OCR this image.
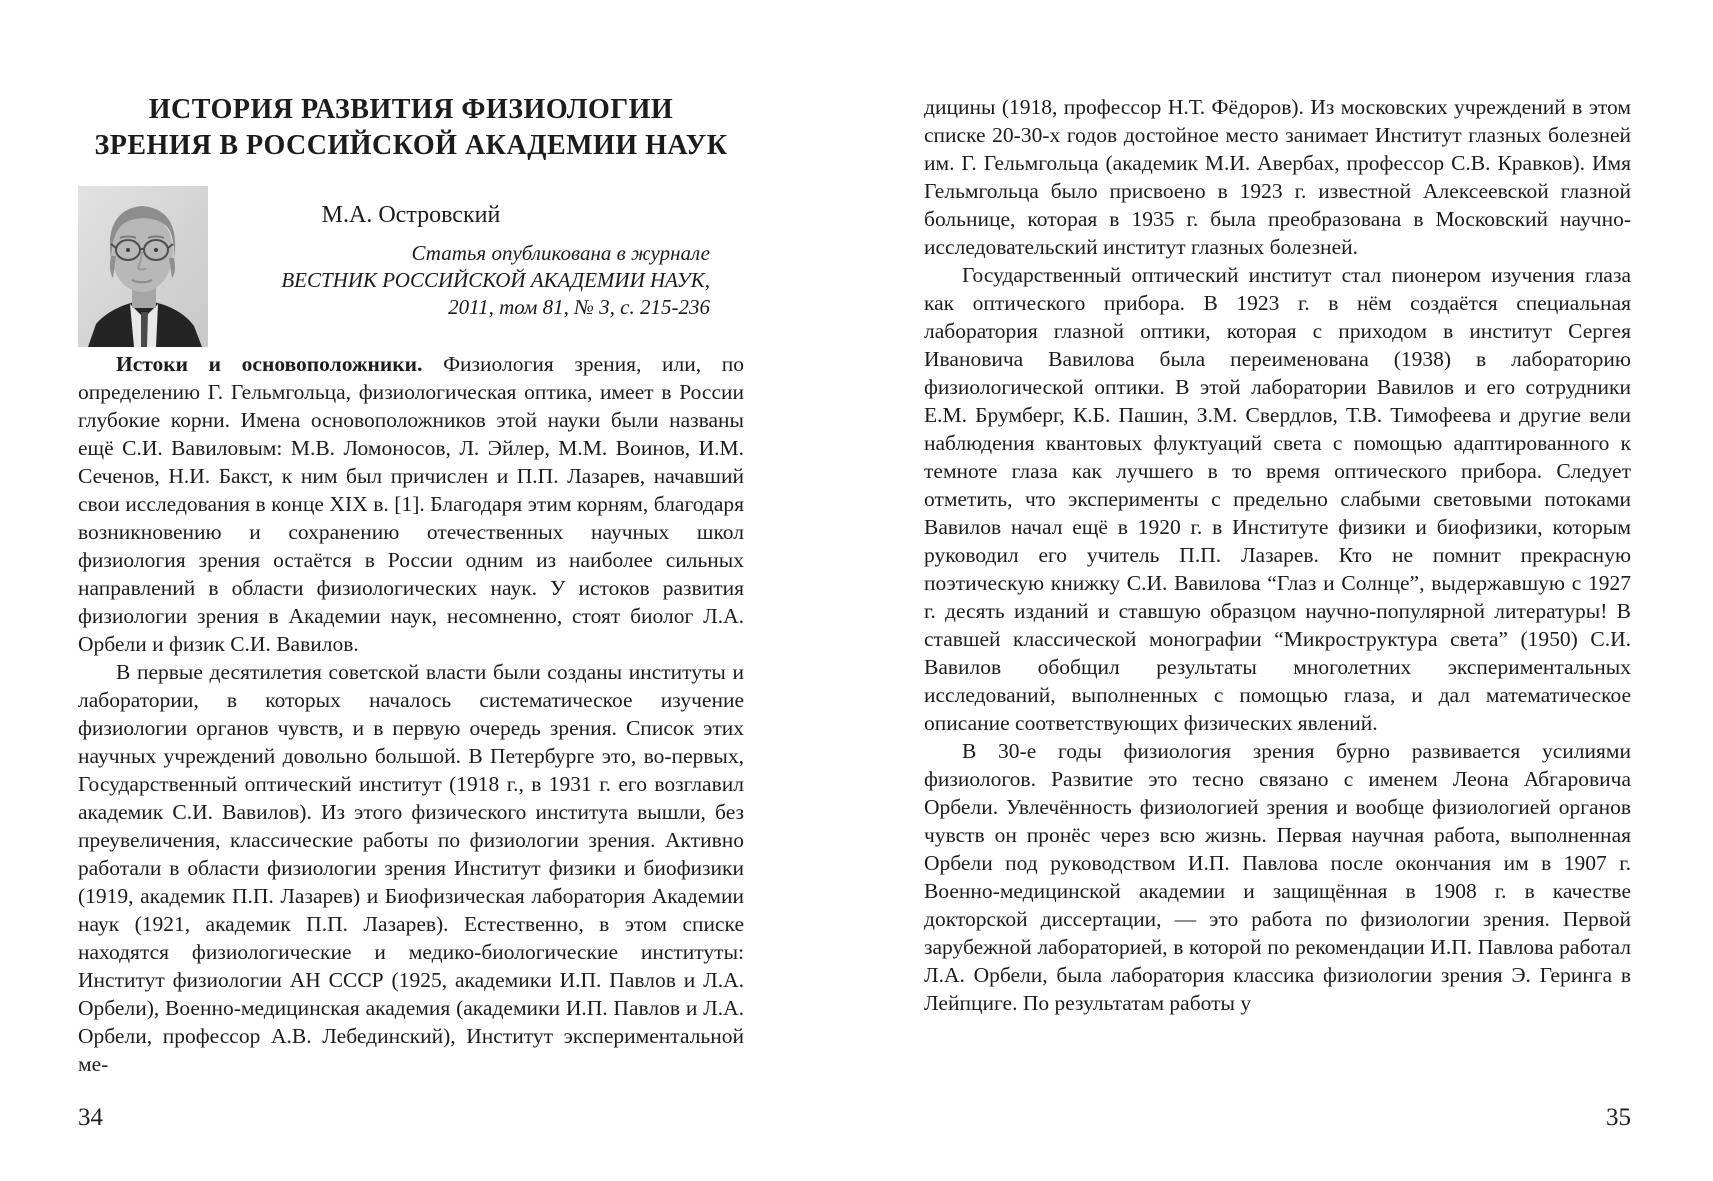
ИСТОРИЯ РАЗВИТИЯ ФИЗИОЛОГИИ
ЗРЕНИЯ В РОССИЙСКОЙ АКАДЕМИИ НАУК
М.А. Островский
Статья опубликована в журнале
ВЕСТНИК РОССИЙСКОЙ АКАДЕМИИ НАУК,
2011, том 81, № 3, с. 215-236

Истоки и основоположники. Физиология зрения, или, по определению Г. Гельмгольца, физиологическая оптика, имеет в России глубокие корни. Имена основоположников этой науки были названы ещё С.И. Вавиловым: М.В. Ломоносов, Л. Эйлер, М.М. Воинов, И.М. Сеченов, Н.И. Бакст, к ним был причислен и П.П. Лазарев, начавший свои исследования в конце XIX в. [1]. Благодаря этим корням, благодаря возникновению и сохранению отечественных научных школ физиология зрения остаётся в России одним из наиболее сильных направлений в области физиологических наук. У истоков развития физиологии зрения в Академии наук, несомненно, стоят биолог Л.А. Орбели и физик С.И. Вавилов.

В первые десятилетия советской власти были созданы институты и лаборатории, в которых началось систематическое изучение физиологии органов чувств, и в первую очередь зрения. Список этих научных учреждений довольно большой. В Петербурге это, во-первых, Государственный оптический институт (1918 г., в 1931 г. его возглавил академик С.И. Вавилов). Из этого физического института вышли, без преувеличения, классические работы по физиологии зрения. Активно работали в области физиологии зрения Институт физики и биофизики (1919, академик П.П. Лазарев) и Биофизическая лаборатория Академии наук (1921, академик П.П. Лазарев). Естественно, в этом списке находятся физиологические и медико-биологические институты: Институт физиологии АН СССР (1925, академики И.П. Павлов и Л.А. Орбели), Военно-медицинская академия (академики И.П. Павлов и Л.А. Орбели, профессор А.В. Лебединский), Институт экспериментальной ме-

34

дицины (1918, профессор Н.Т. Фёдоров). Из московских учреждений в этом списке 20-30-х годов достойное место занимает Институт глазных болезней им. Г. Гельмгольца (академик М.И. Авербах, профессор С.В. Кравков). Имя Гельмгольца было присвоено в 1923 г. известной Алексеевской глазной больнице, которая в 1935 г. была преобразована в Московский научно- исследовательский институт глазных болезней.

Государственный оптический институт стал пионером изучения глаза как оптического прибора. В 1923 г. в нём создаётся специальная лаборатория глазной оптики, которая с приходом в институт Сергея Ивановича Вавилова была переименована (1938) в лабораторию физиологической оптики. В этой лаборатории Вавилов и его сотрудники Е.М. Брумберг, К.Б. Пашин, З.М. Свердлов, Т.В. Тимофеева и другие вели наблюдения квантовых флуктуаций света с помощью адаптированного к темноте глаза как лучшего в то время оптического прибора. Следует отметить, что эксперименты с предельно слабыми световыми потоками Вавилов начал ещё в 1920 г. в Институте физики и биофизики, которым руководил его учитель П.П. Лазарев. Кто не помнит прекрасную поэтическую книжку С.И. Вавилова “Глаз и Солнце”, выдержавшую с 1927 г. десять изданий и ставшую образцом научно-популярной литературы! В ставшей классической монографии “Микроструктура света” (1950) С.И. Вавилов обобщил результаты многолетних экспериментальных исследований, выполненных с помощью глаза, и дал математическое описание соответствующих физических явлений.

В 30-е годы физиология зрения бурно развивается усилиями физиологов. Развитие это тесно связано с именем Леона Абгаровича Орбели. Увлечённость физиологией зрения и вообще физиологией органов чувств он пронёс через всю жизнь. Первая научная работа, выполненная Орбели под руководством И.П. Павлова после окончания им в 1907 г. Военно-медицинской академии и защищённая в 1908 г. в качестве докторской диссертации, — это работа по физиологии зрения. Первой зарубежной лабораторией, в которой по рекомендации И.П. Павлова работал Л.А. Орбели, была лаборатория классика физиологии зрения Э. Геринга в Лейпциге. По результатам работы у

35
